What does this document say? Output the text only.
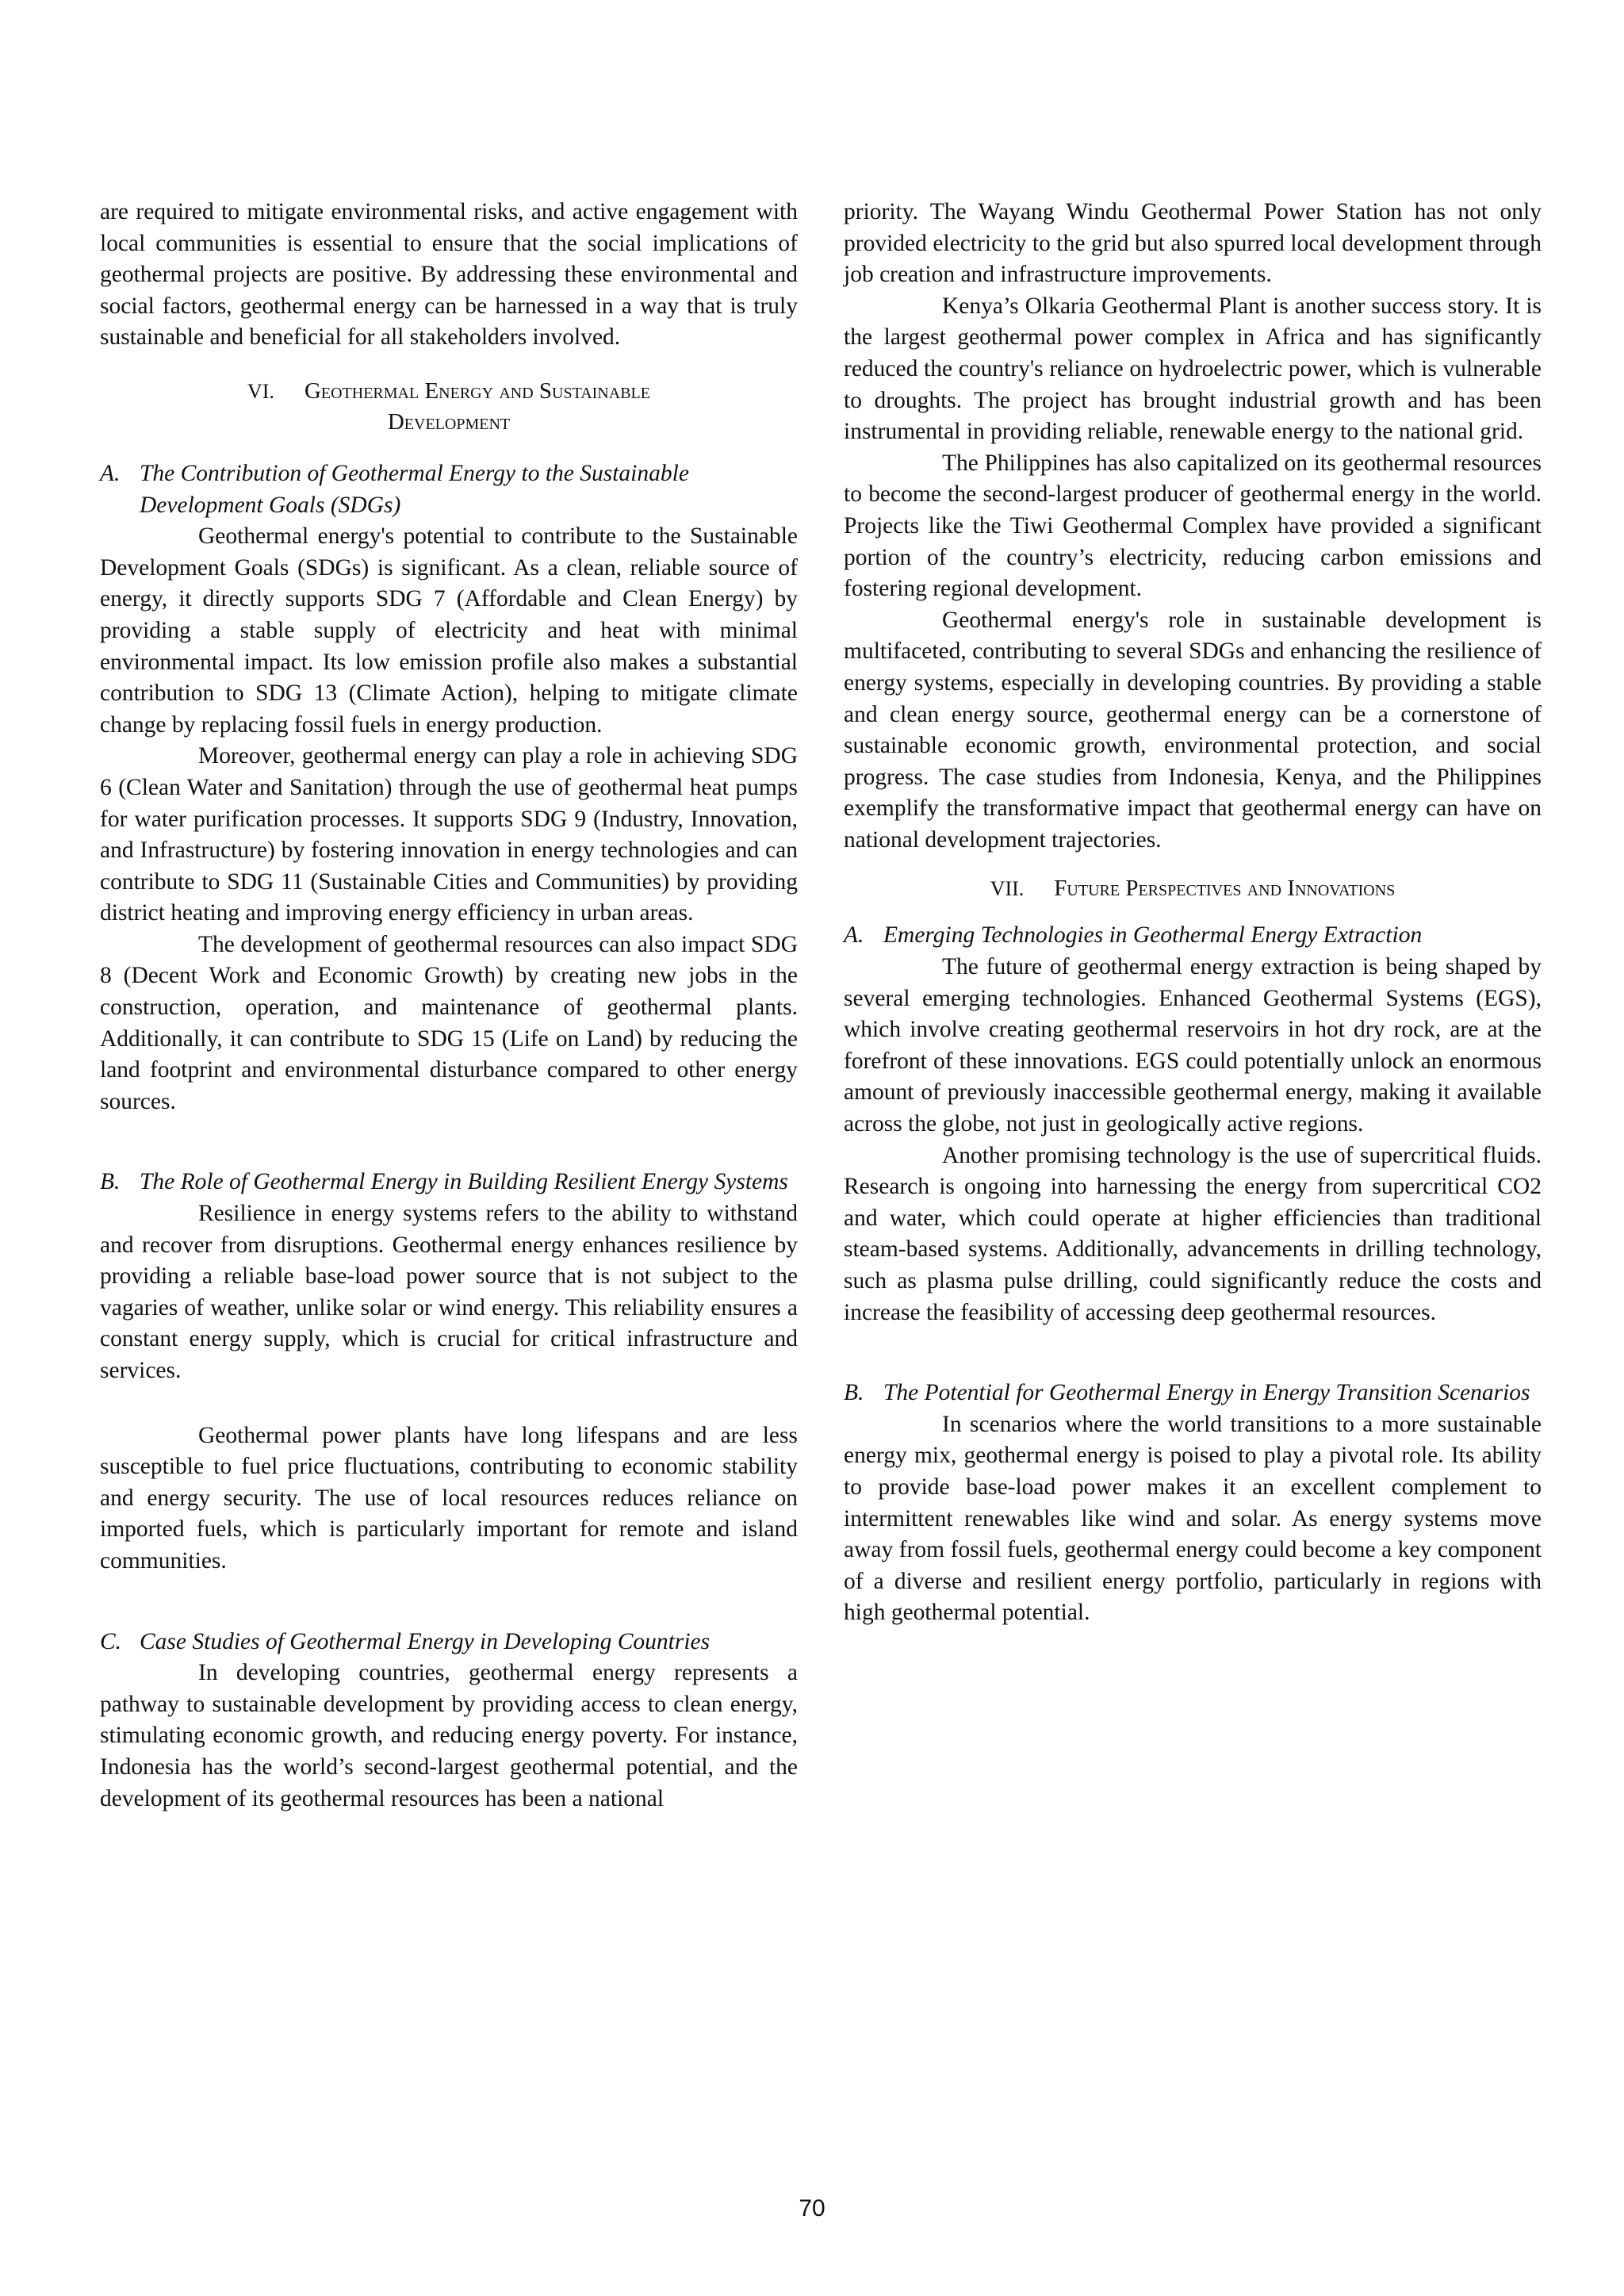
are required to mitigate environmental risks, and active engagement with local communities is essential to ensure that the social implications of geothermal projects are positive. By addressing these environmental and social factors, geothermal energy can be harnessed in a way that is truly sustainable and beneficial for all stakeholders involved.

VI. Geothermal Energy and Sustainable
Development
A. The Contribution of Geothermal Energy to the Sustainable Development Goals (SDGs)

Geothermal energy's potential to contribute to the Sustainable Development Goals (SDGs) is significant. As a clean, reliable source of energy, it directly supports SDG 7 (Affordable and Clean Energy) by providing a stable supply of electricity and heat with minimal environmental impact. Its low emission profile also makes a substantial contribution to SDG 13 (Climate Action), helping to mitigate climate change by replacing fossil fuels in energy production.

Moreover, geothermal energy can play a role in achieving SDG 6 (Clean Water and Sanitation) through the use of geothermal heat pumps for water purification processes. It supports SDG 9 (Industry, Innovation, and Infrastructure) by fostering innovation in energy technologies and can contribute to SDG 11 (Sustainable Cities and Communities) by providing district heating and improving energy efficiency in urban areas.

The development of geothermal resources can also impact SDG 8 (Decent Work and Economic Growth) by creating new jobs in the construction, operation, and maintenance of geothermal plants. Additionally, it can contribute to SDG 15 (Life on Land) by reducing the land footprint and environmental disturbance compared to other energy sources.

B. The Role of Geothermal Energy in Building Resilient Energy Systems

Resilience in energy systems refers to the ability to withstand and recover from disruptions. Geothermal energy enhances resilience by providing a reliable base-load power source that is not subject to the vagaries of weather, unlike solar or wind energy. This reliability ensures a constant energy supply, which is crucial for critical infrastructure and services.

Geothermal power plants have long lifespans and are less susceptible to fuel price fluctuations, contributing to economic stability and energy security. The use of local resources reduces reliance on imported fuels, which is particularly important for remote and island communities.

C. Case Studies of Geothermal Energy in Developing Countries

In developing countries, geothermal energy represents a pathway to sustainable development by providing access to clean energy, stimulating economic growth, and reducing energy poverty. For instance, Indonesia has the world’s second-largest geothermal potential, and the development of its geothermal resources has been a national

priority. The Wayang Windu Geothermal Power Station has not only provided electricity to the grid but also spurred local development through job creation and infrastructure improvements.

Kenya’s Olkaria Geothermal Plant is another success story. It is the largest geothermal power complex in Africa and has significantly reduced the country's reliance on hydroelectric power, which is vulnerable to droughts. The project has brought industrial growth and has been instrumental in providing reliable, renewable energy to the national grid.

The Philippines has also capitalized on its geothermal resources to become the second-largest producer of geothermal energy in the world. Projects like the Tiwi Geothermal Complex have provided a significant portion of the country’s electricity, reducing carbon emissions and fostering regional development.

Geothermal energy's role in sustainable development is multifaceted, contributing to several SDGs and enhancing the resilience of energy systems, especially in developing countries. By providing a stable and clean energy source, geothermal energy can be a cornerstone of sustainable economic growth, environmental protection, and social progress. The case studies from Indonesia, Kenya, and the Philippines exemplify the transformative impact that geothermal energy can have on national development trajectories.

VII. Future Perspectives and Innovations
A. Emerging Technologies in Geothermal Energy Extraction

The future of geothermal energy extraction is being shaped by several emerging technologies. Enhanced Geothermal Systems (EGS), which involve creating geothermal reservoirs in hot dry rock, are at the forefront of these innovations. EGS could potentially unlock an enormous amount of previously inaccessible geothermal energy, making it available across the globe, not just in geologically active regions.

Another promising technology is the use of supercritical fluids. Research is ongoing into harnessing the energy from supercritical CO2 and water, which could operate at higher efficiencies than traditional steam-based systems. Additionally, advancements in drilling technology, such as plasma pulse drilling, could significantly reduce the costs and increase the feasibility of accessing deep geothermal resources.

B. The Potential for Geothermal Energy in Energy Transition Scenarios

In scenarios where the world transitions to a more sustainable energy mix, geothermal energy is poised to play a pivotal role. Its ability to provide base-load power makes it an excellent complement to intermittent renewables like wind and solar. As energy systems move away from fossil fuels, geothermal energy could become a key component of a diverse and resilient energy portfolio, particularly in regions with high geothermal potential.

70
